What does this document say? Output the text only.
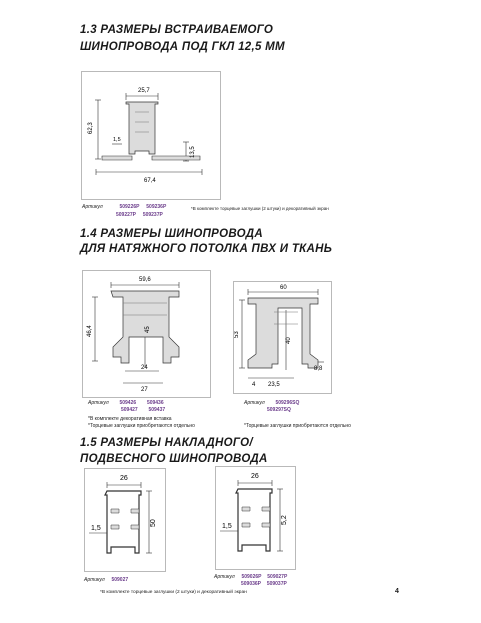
1.3 РАЗМЕРЫ ВСТРАИВАЕМОГО

ШИНОПРОВОДА ПОД ГКЛ 12,5 ММ

25,7
62,3
1,5
13,5
67,4
Артикул	509226P 509236P
509227P 509237P
*В комплекте торцевые заглушки (2 штуки) и декоративный экран

1.4 РАЗМЕРЫ ШИНОПРОВОДА

ДЛЯ НАТЯЖНОГО ПОТОЛКА ПВХ И ТКАНЬ

59,6
46,4	45
24
27
60
53
40
4 23,5
8,8
Артикул 509426 509436
509427 509437
*В комплекте декоративная вставка
*Торцевые заглушки приобретаются отдельно
Артикул 509296SQ
509297SQ
*Торцевые заглушки приобретаются отдельно

1.5 РАЗМЕРЫ НАКЛАДНОГО/

ПОДВЕСНОГО ШИНОПРОВОДА

26
1,5
50
26
1,5
5,2
Артикул 509027	Артикул 509026P 509027P
509036P 509037P
*В комплекте торцевые заглушки (2 штуки) и декоративный экран	4
